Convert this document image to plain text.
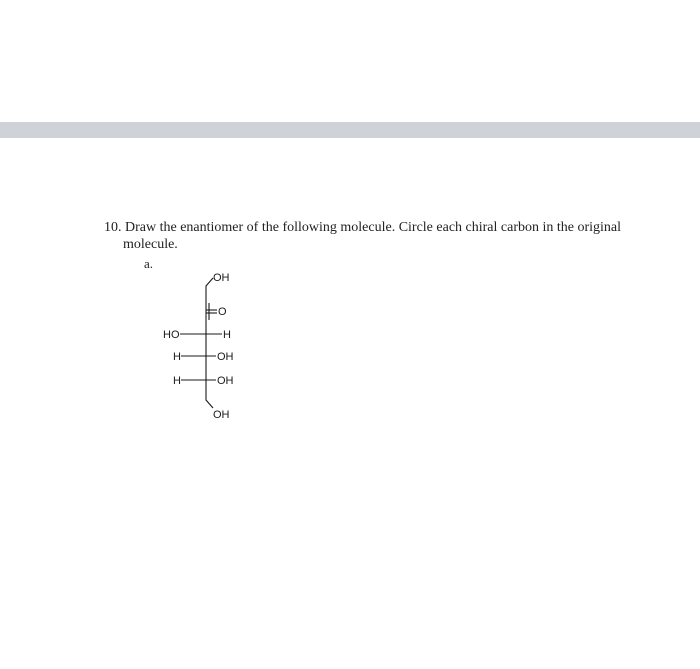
10. Draw the enantiomer of the following molecule. Circle each chiral carbon in the original
molecule.
a.
OH
O
HO	H
H	OH
H	OH
OH
